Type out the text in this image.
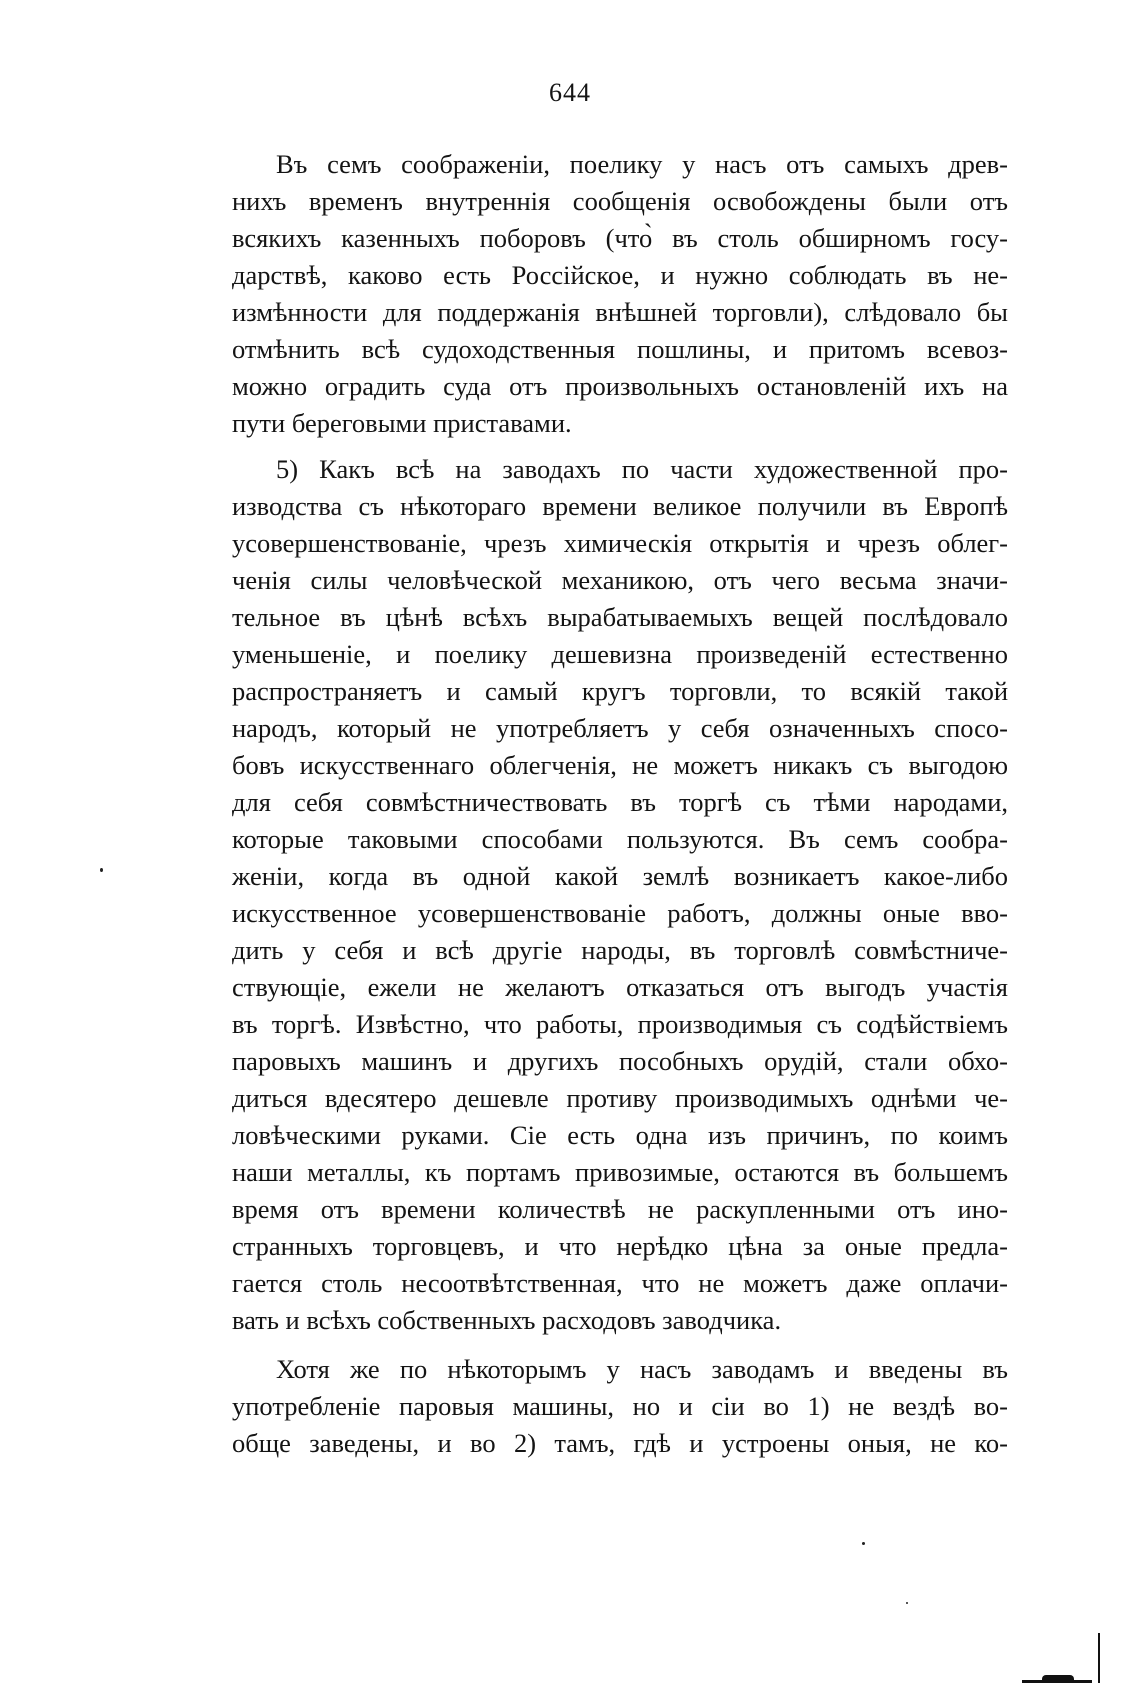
644
Въ семъ соображеніи, поелику у насъ отъ самыхъ древ-
нихъ временъ внутреннія сообщенія освобождены были отъ
всякихъ казенныхъ поборовъ (что̀ въ столь обширномъ госу-
дарствѣ, каково есть Россійское, и нужно соблюдать въ не-
измѣнности для поддержанія внѣшней торговли), слѣдовало бы
отмѣнить всѣ судоходственныя пошлины, и притомъ всевоз-
можно оградить суда отъ произвольныхъ остановленій ихъ на
пути береговыми приставами.
5) Какъ всѣ на заводахъ по части художественной про-
изводства съ нѣкотораго времени великое получили въ Европѣ
усовершенствованіе, чрезъ химическія открытія и чрезъ облег-
ченія силы человѣческой механикою, отъ чего весьма значи-
тельное въ цѣнѣ всѣхъ вырабатываемыхъ вещей послѣдовало
уменьшеніе, и поелику дешевизна произведеній естественно
распространяетъ и самый кругъ торговли, то всякій такой
народъ, который не употребляетъ у себя означенныхъ спосо-
бовъ искусственнаго облегченія, не можетъ никакъ съ выгодою
для себя совмѣстничествовать въ торгѣ съ тѣми народами,
которые таковыми способами пользуются. Въ семъ сообра-
женіи, когда въ одной какой землѣ возникаетъ какое-либо
искусственное усовершенствованіе работъ, должны оные вво-
дить у себя и всѣ другіе народы, въ торговлѣ совмѣстниче-
ствующіе, ежели не желаютъ отказаться отъ выгодъ участія
въ торгѣ. Извѣстно, что работы, производимыя съ содѣйствіемъ
паровыхъ машинъ и другихъ пособныхъ орудій, стали обхо-
диться вдесятеро дешевле противу производимыхъ однѣми че-
ловѣческими руками. Сіе есть одна изъ причинъ, по коимъ
наши металлы, къ портамъ привозимые, остаются въ большемъ
время отъ времени количествѣ не раскупленными отъ ино-
странныхъ торговцевъ, и что нерѣдко цѣна за оные предла-
гается столь несоотвѣтственная, что не можетъ даже оплачи-
вать и всѣхъ собственныхъ расходовъ заводчика.
Хотя же по нѣкоторымъ у насъ заводамъ и введены въ
употребленіе паровыя машины, но и сіи во 1) не вездѣ во-
обще заведены, и во 2) тамъ, гдѣ и устроены оныя, не ко-
